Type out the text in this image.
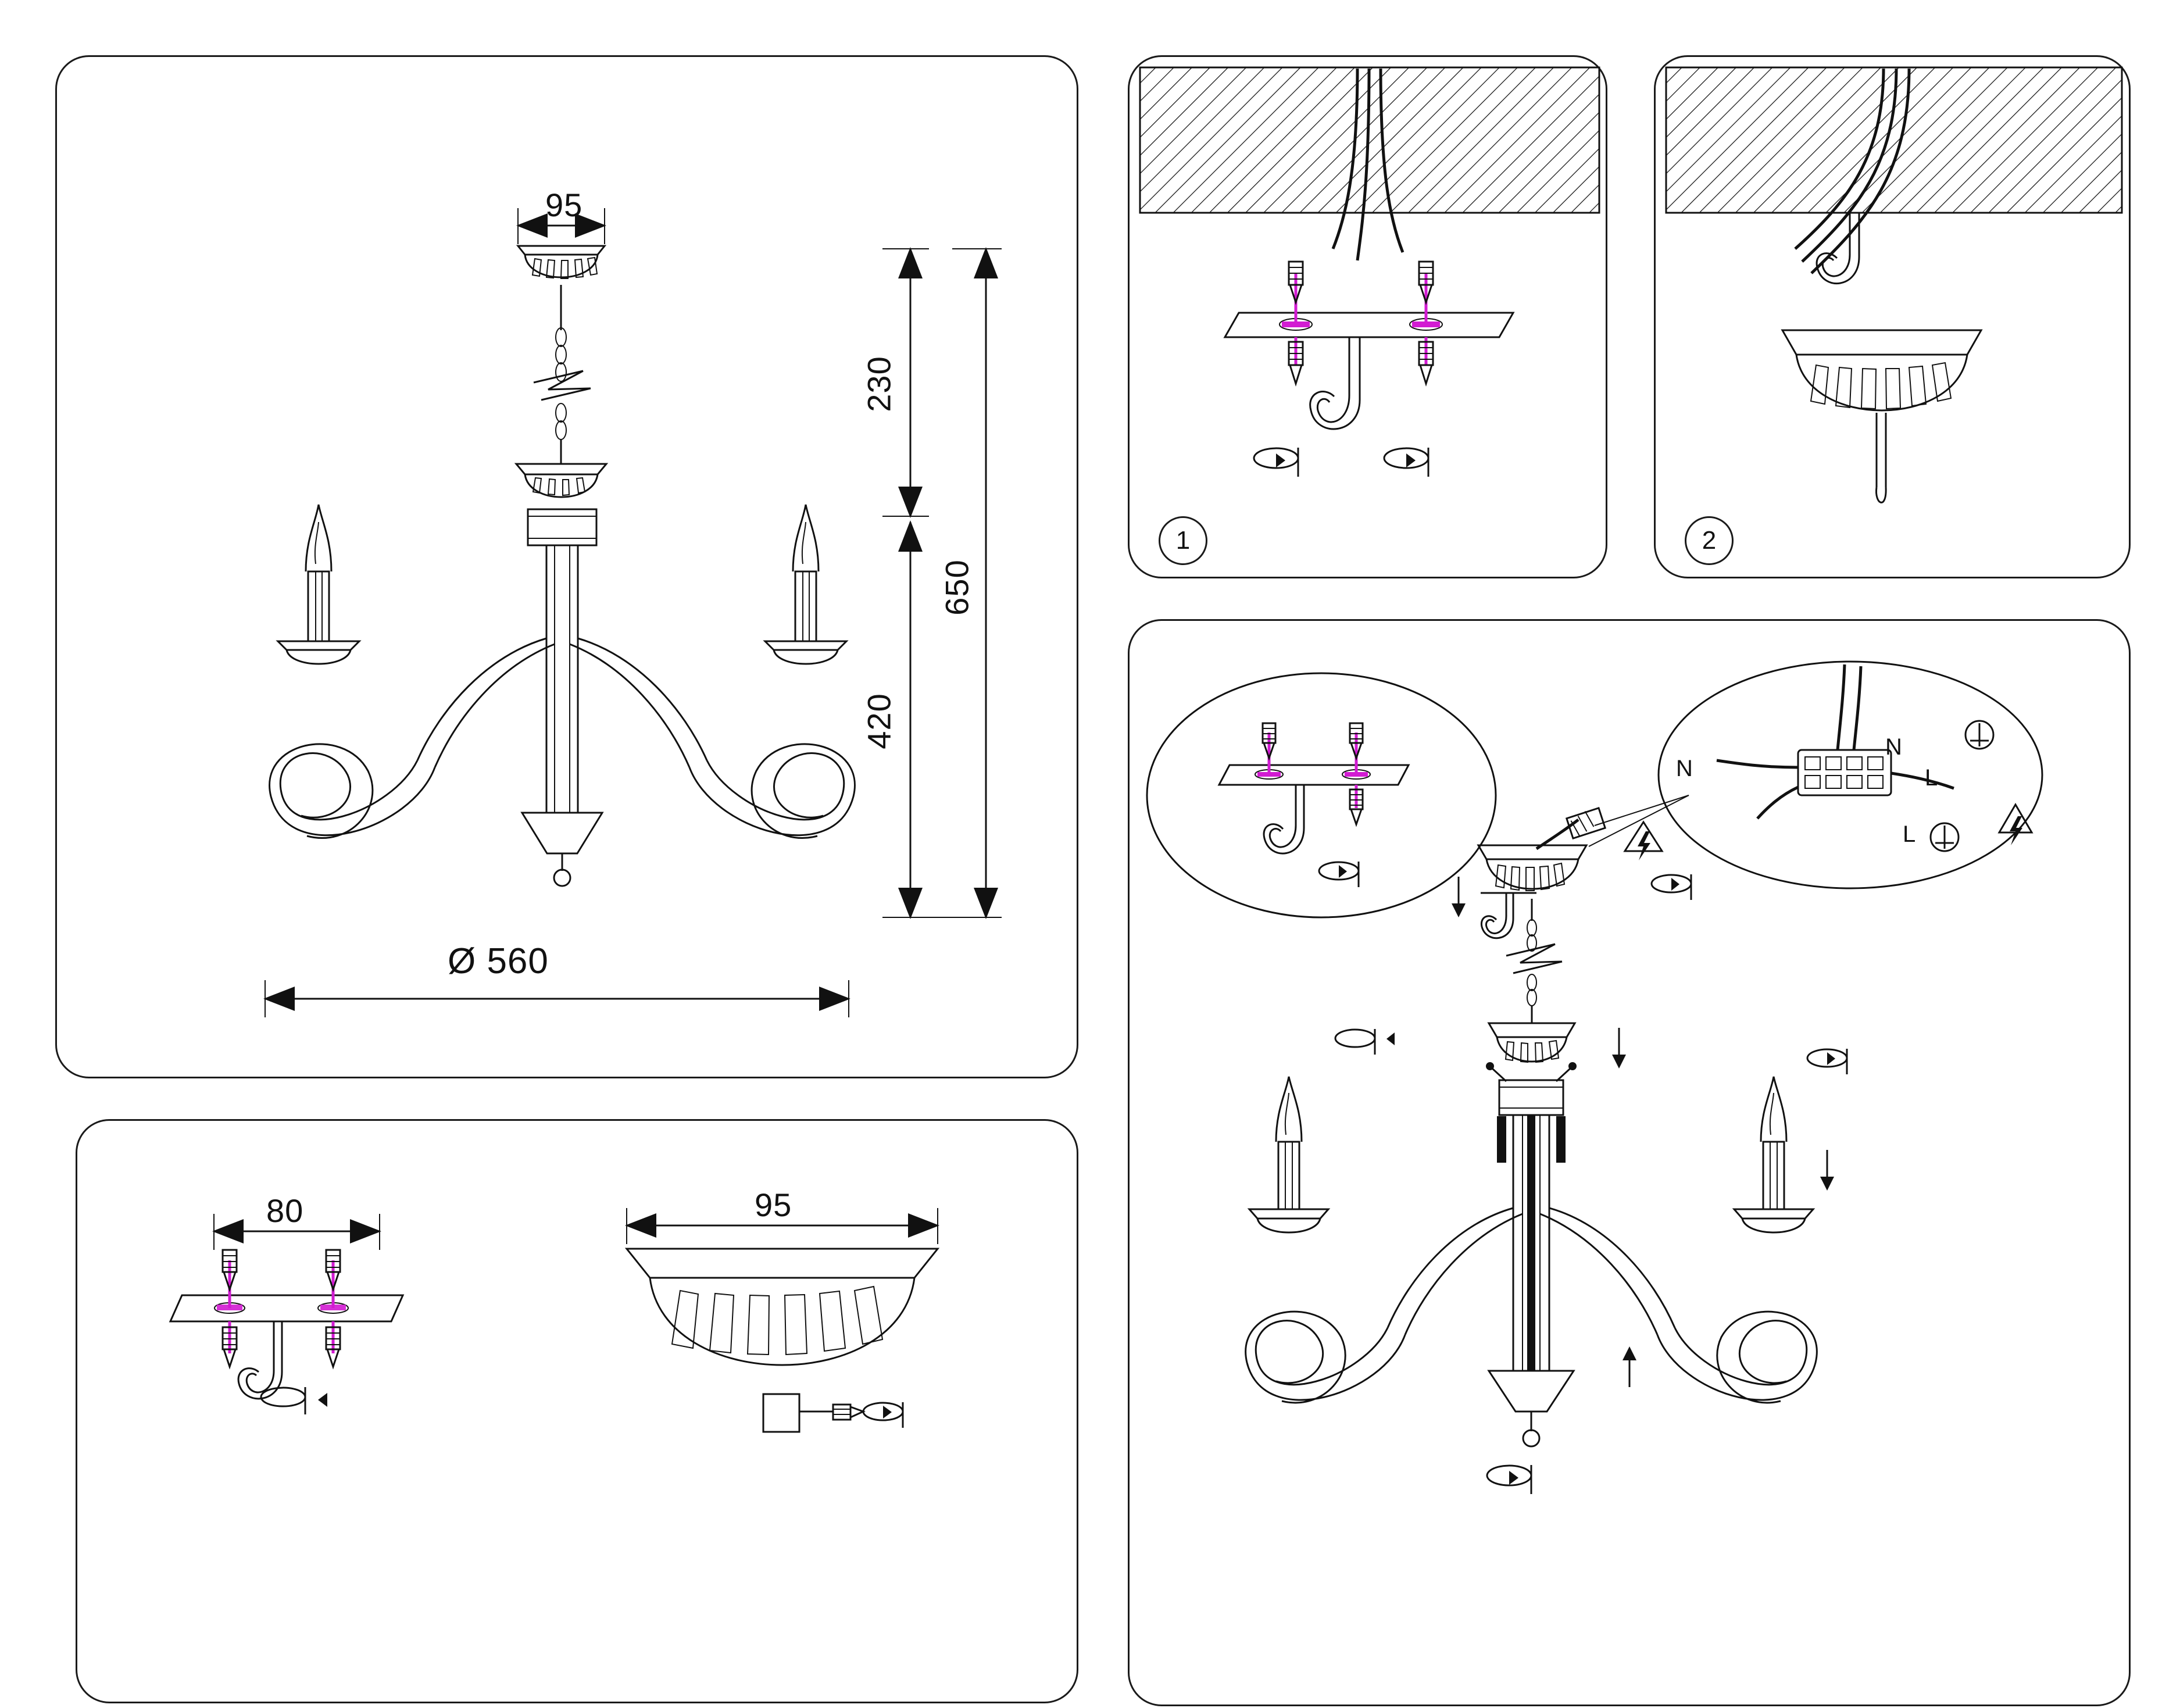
95
230
420
650
Ø 560
80	95
1	2
N
L
N
L
